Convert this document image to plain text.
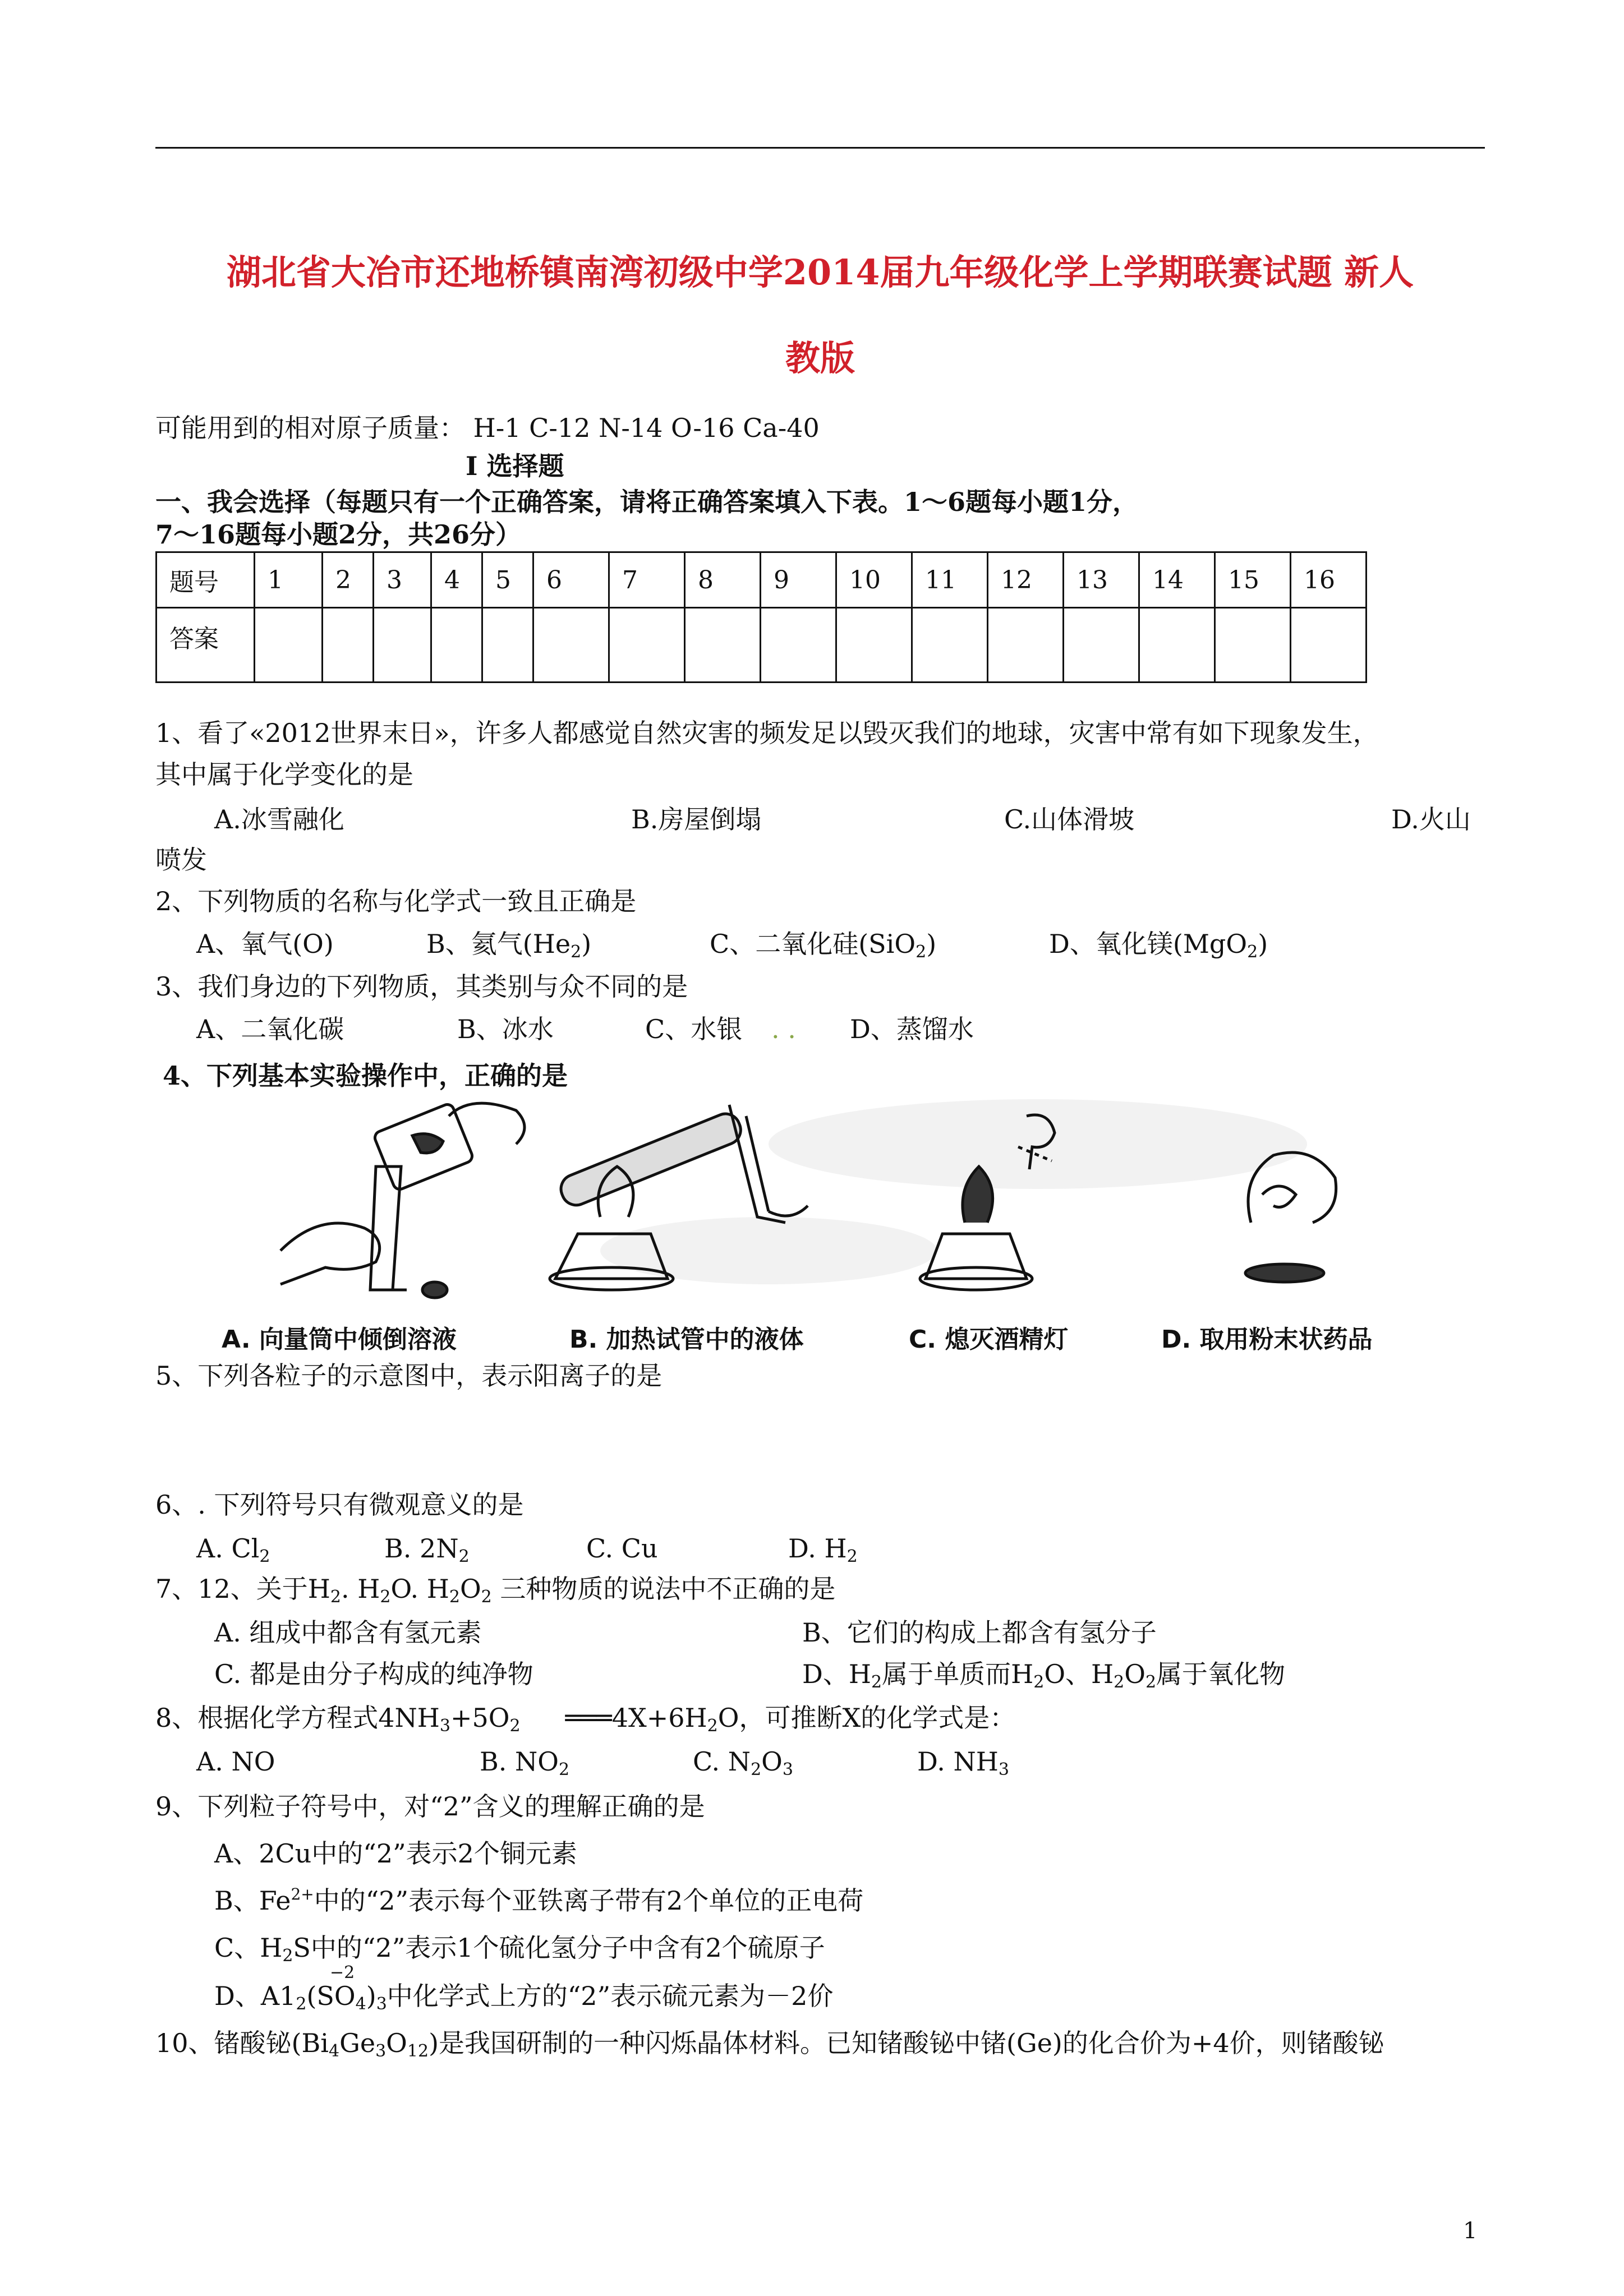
湖北省大冶市还地桥镇南湾初级中学2014届九年级化学上学期联赛试题 新人
教版
可能用到的相对原子质量： H-1 C-12 N-14 O-16 Ca-40
I 选择题
一、我会选择（每题只有一个正确答案，请将正确答案填入下表。1～6题每小题1分，
7～16题每小题2分，共26分）
题号	1	2	3	4	5	6	7	8	9	10	11	12	13	14	15	16
答案																
1、看了«2012世界末日»，许多人都感觉自然灾害的频发足以毁灭我们的地球，灾害中常有如下现象发生，
其中属于化学变化的是
A.冰雪融化	B.房屋倒塌	C.山体滑坡	D.火山
喷发
2、下列物质的名称与化学式一致且正确是
A、氧气(O)	B、氦气$(He_2)$	C、二氧化硅(SiO$_2$)	D、氧化镁(MgO$_2$)
3、我们身边的下列物质，其类别与众不同的是
A、二氧化碳	B、冰水	C、水银 . . D、蒸馏水
4、下列基本实验操作中，正确的是
A. 向量筒中倾倒溶液	B. 加热试管中的液体	C. 熄灭酒精灯	D. 取用粉末状药品
5、下列各粒子的示意图中，表示阳离子的是
6、. 下列符号只有微观意义的是
A. $Cl_2$	B. $2N_2$	C. Cu	D. $H_2$
7、12、关于$H_2$. $H_2O$. $H_2O_2$ 三种物质的说法中不正确的是
A. 组成中都含有氢元素	B、它们的构成上都含有氢分子
C. 都是由分子构成的纯净物	D、$H_2$属于单质而$H_2O$、$H_2O_2$属于氧化物
8、根据化学方程式$4NH_3+5O_2$ $═══4X+6H_2O$，可推断X的化学式是：
A. NO	B. $NO_2$	C. $N_2O_3$	D. $NH_3$
9、下列粒子符号中，对“2”含义的理解正确的是
A、2Cu中的“2”表示2个铜元素
B、$Fe^{2+}$中的“2”表示每个亚铁离子带有2个单位的正电荷
C、$H_2S$中的“2”表示1个硫化氢分子中含有2个硫原子
−2
D、$A1_2(SO_4)_3$中化学式上方的“2”表示硫元素为－2价
10、锗酸铋$(Bi_4Ge_3O_{12})$是我国研制的一种闪烁晶体材料。已知锗酸铋中锗(Ge)的化合价为+4价，则锗酸铋
1
